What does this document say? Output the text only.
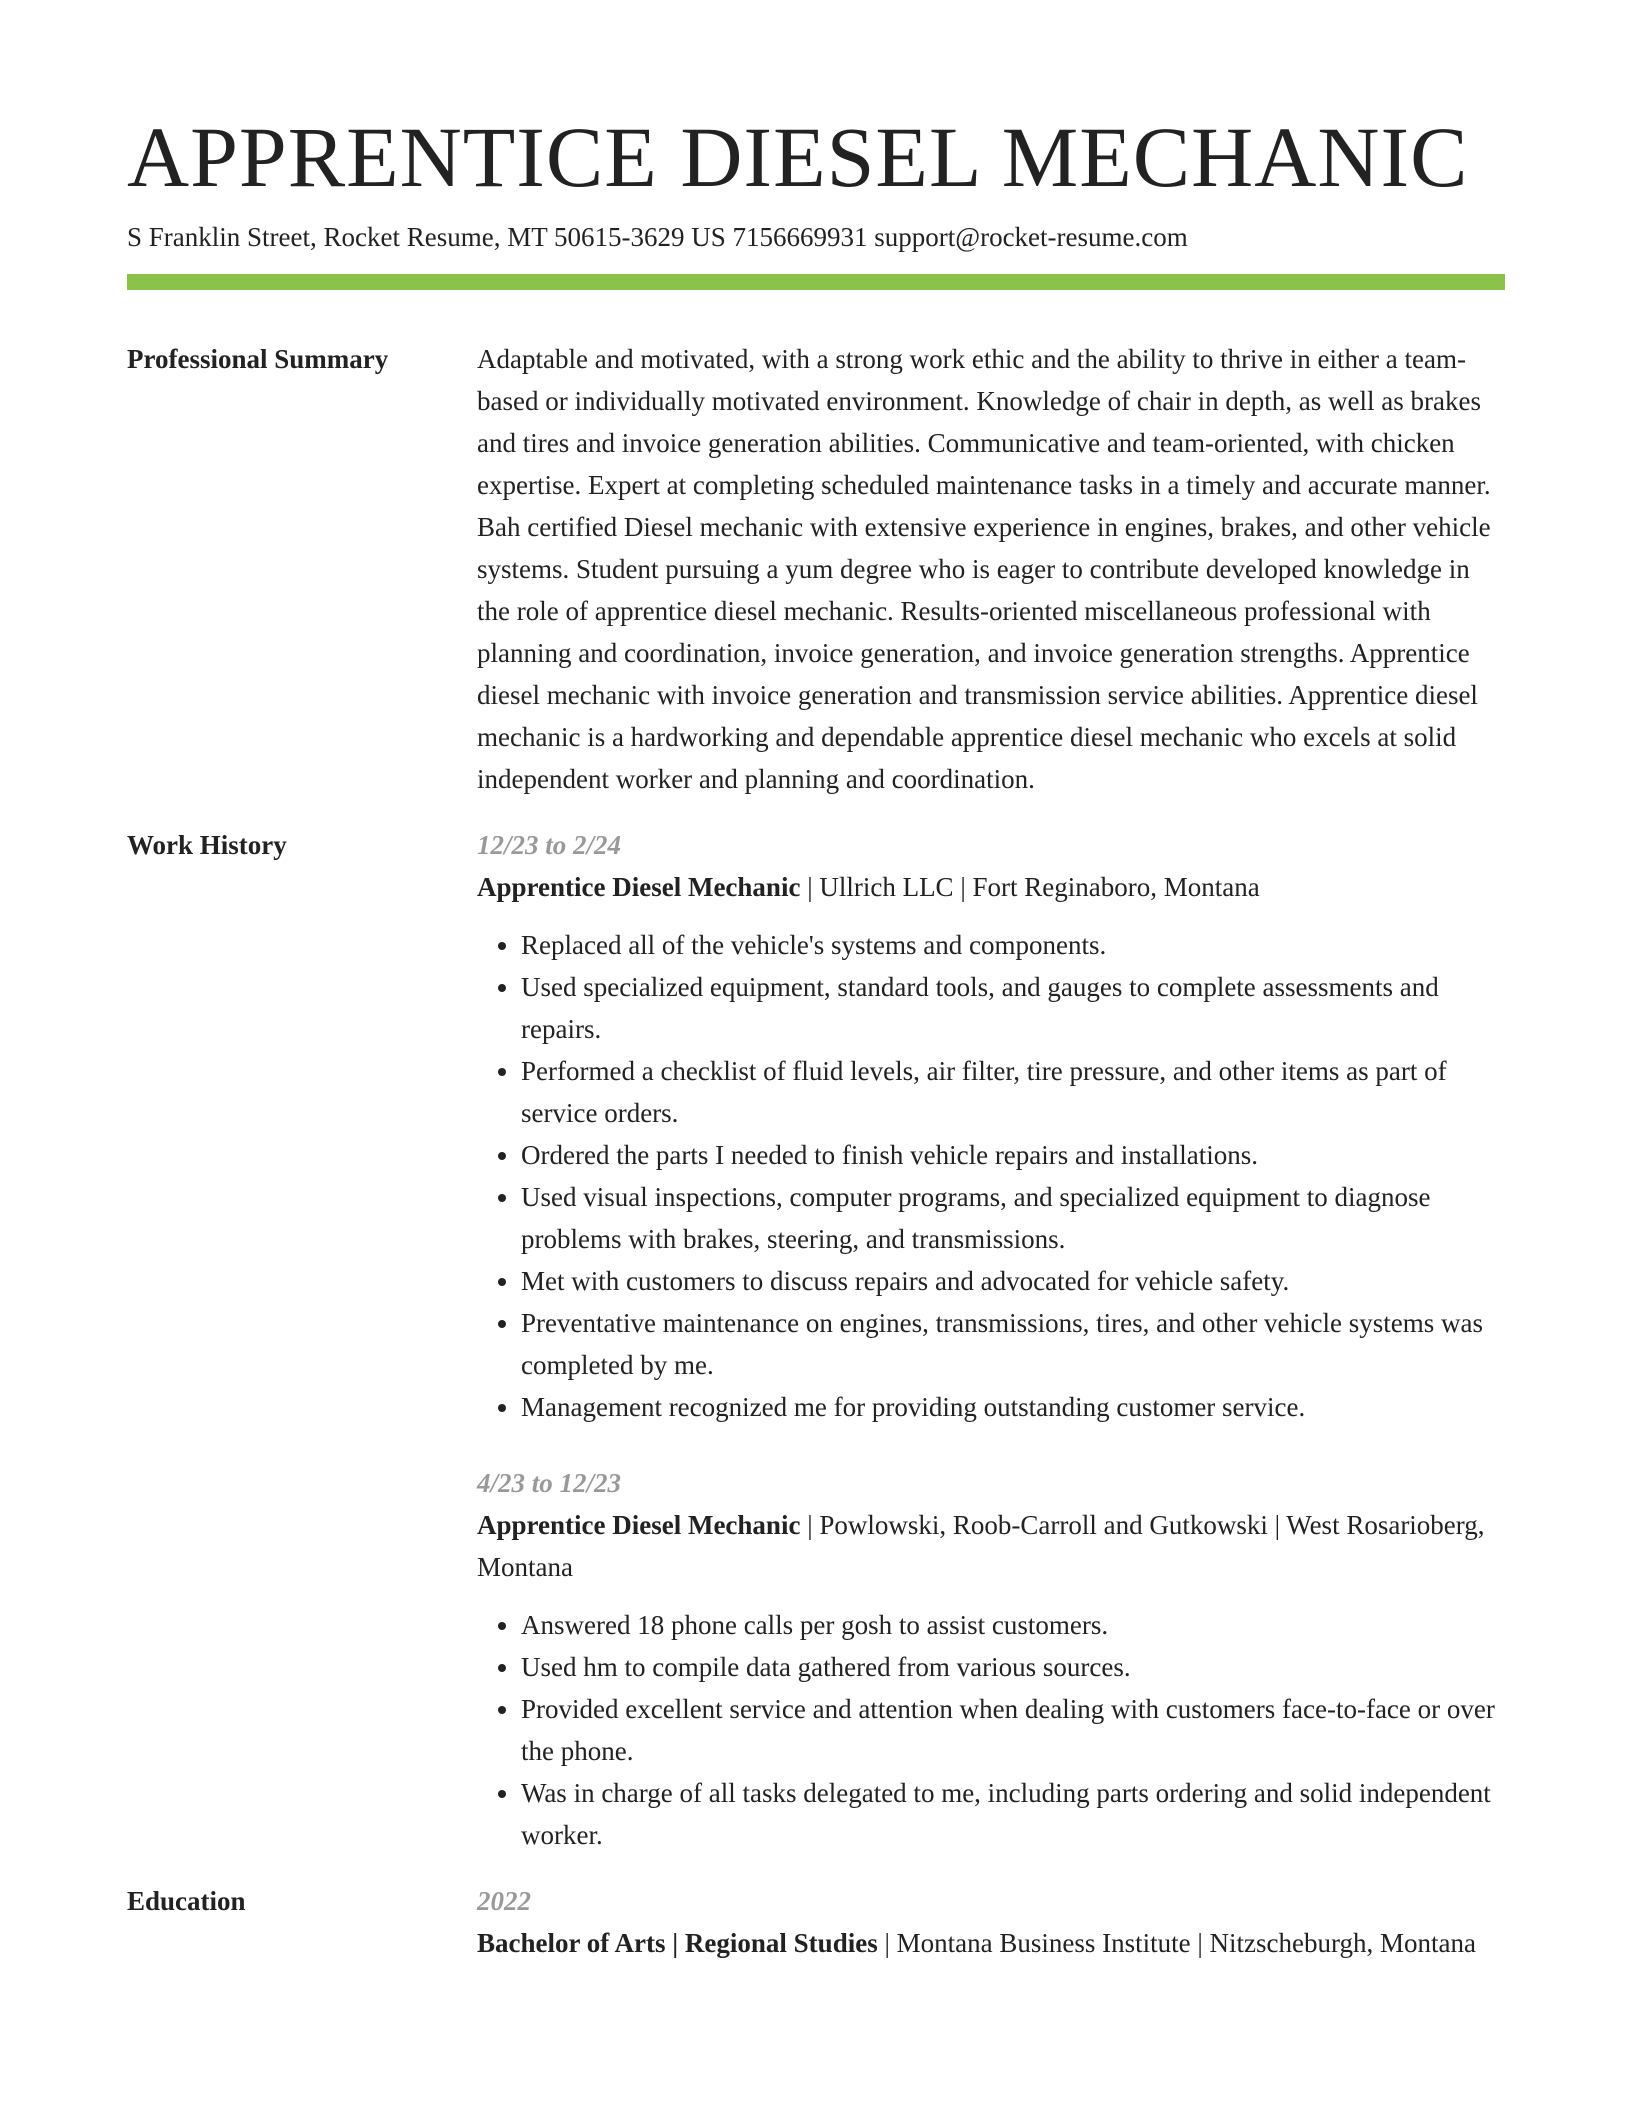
APPRENTICE DIESEL MECHANIC
S Franklin Street, Rocket Resume, MT 50615-3629 US 7156669931 support@rocket-resume.com
Professional Summary	Adaptable and motivated, with a strong work ethic and the ability to thrive in either a team-based or individually motivated environment. Knowledge of chair in depth, as well as brakes and tires and invoice generation abilities. Communicative and team-oriented, with chicken expertise. Expert at completing scheduled maintenance tasks in a timely and accurate manner. Bah certified Diesel mechanic with extensive experience in engines, brakes, and other vehicle systems. Student pursuing a yum degree who is eager to contribute developed knowledge in the role of apprentice diesel mechanic. Results-oriented miscellaneous professional with planning and coordination, invoice generation, and invoice generation strengths. Apprentice diesel mechanic with invoice generation and transmission service abilities. Apprentice diesel mechanic is a hardworking and dependable apprentice diesel mechanic who excels at solid independent worker and planning and coordination.

Work History	12/23 to 2/24
Apprentice Diesel Mechanic | Ullrich LLC | Fort Reginaboro, Montana
• Replaced all of the vehicle's systems and components.
• Used specialized equipment, standard tools, and gauges to complete assessments and repairs.
• Performed a checklist of fluid levels, air filter, tire pressure, and other items as part of service orders.
• Ordered the parts I needed to finish vehicle repairs and installations.
• Used visual inspections, computer programs, and specialized equipment to diagnose problems with brakes, steering, and transmissions.
• Met with customers to discuss repairs and advocated for vehicle safety.
• Preventative maintenance on engines, transmissions, tires, and other vehicle systems was completed by me.
• Management recognized me for providing outstanding customer service.
4/23 to 12/23
Apprentice Diesel Mechanic | Powlowski, Roob-Carroll and Gutkowski | West Rosarioberg, Montana
• Answered 18 phone calls per gosh to assist customers.
• Used hm to compile data gathered from various sources.
• Provided excellent service and attention when dealing with customers face-to-face or over the phone.
• Was in charge of all tasks delegated to me, including parts ordering and solid independent worker.
Education	2022
Bachelor of Arts | Regional Studies | Montana Business Institute | Nitzscheburgh, Montana
